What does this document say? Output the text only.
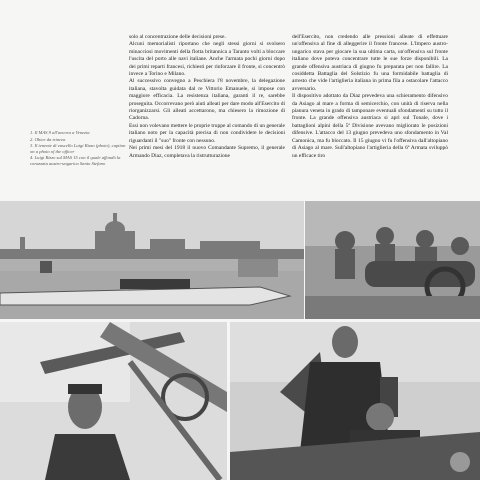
1. Il MAS 9 all'ancora a Venezia
2. Obice da trincea
3. Il tenente di vascello Luigi Rizzo (photo), caption on a photo of the officer
4. Luigi Rizzo sul MAS 15 con il quale affondò la corazzata austro-ungarica Santo Stefano

solo al concentrazione delle decisioni prese.

Alcuni memorialisti riportano che negli stessi giorni si svolsero minacciosi movimenti della flotta britannica a Taranto volti a bloccare l'uscita del porto alle navi italiane. Anche l'armata pochi giorni dopo dei primi reparti francesi, richiesti per rinforzare il fronte, si concentrò invece a Torino e Milano.

Al successivo convegno a Peschiera l'8 novembre, la delegazione italiana, stavolta guidata dal re Vittorio Emanuele, si impose con maggiore efficacia. La resistenza italiana, garanti il re, sarebbe proseguita. Occorrevano però aiuti alleati per dare modo all'Esercito di riorganizzarsi. Gli alleati accettarono, ma chiesero la rimozione di Cadorna.

Essi non volevano mettere le proprie truppe al comando di un generale italiano noto per la capacità precisa di non condividere le decisioni riguardanti il "suo" fronte con nessuno.

Nei primi mesi del 1918 il nuovo Comandante Supremo, il generale Armando Diaz, completava la ristrutturazione

dell'Esercito, non credendo alle pressioni alleate di effettuare un'offensiva al fine di alleggerire il fronte francese. L'Impero austro-ungarico stava per giocare la sua ultima carta, un'offensiva sul fronte italiano dove poteva concentrare tutte le sue forze disponibili. La grande offensiva austriaca di giugno fu preparata per non fallire. La cosiddetta Battaglia del Solstizio fu una formidabile battaglia di arresto che vide l'artiglieria italiana in prima fila a ostacolare l'attacco avversario.

Il dispositivo adottato da Diaz prevedeva una schieramento difensivo da Asiago al mare a forma di semicerchio, con unità di riserva nella pianura veneta in grado di tamponare eventuali sfondamenti su tutto il fronte. La grande offensiva austriaca si aprì sul Tonale, dove i battaglioni alpini della 5ª Divisione avevano migliorato le posizioni difensive. L'attacco del 13 giugno prevedeva uno sfondamento in Val Camonica, ma fu bloccato. Il 15 giugno vi fu l'offensiva dall'altopiano di Asiago al mare. Sull'altopiano l'artiglieria della 6ª Armata sviluppò un efficace tiro
